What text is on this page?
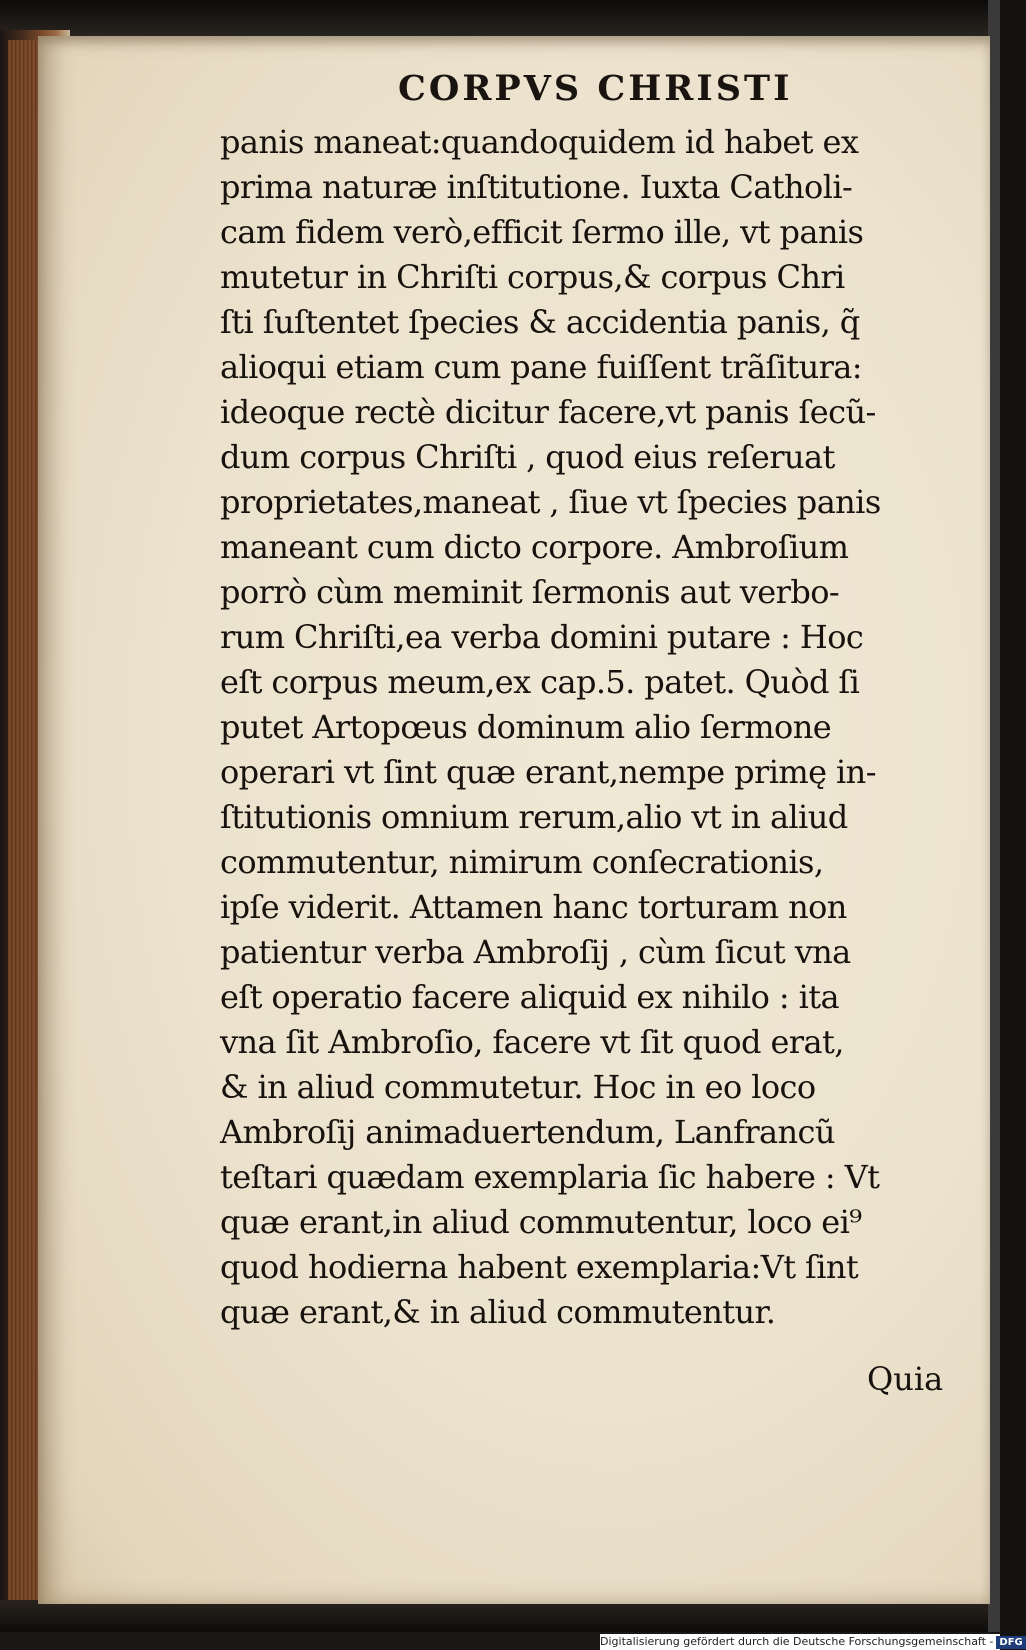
CORPVS CHRISTI
panis maneat:quandoquidem id habet ex
prima naturæ inſtitutione. Iuxta Catholi-
cam fidem verò,efficit ſermo ille, vt panis
mutetur in Chriſti corpus,& corpus Chri
ſti ſuſtentet ſpecies & accidentia panis, q̃
alioqui etiam cum pane fuiſſent trãſitura:
ideoque rectè dicitur facere,vt panis ſecũ-
dum corpus Chriſti , quod eius reſeruat
proprietates,maneat , ſiue vt ſpecies panis
maneant cum dicto corpore. Ambroſium
porrò cùm meminit ſermonis aut verbo-
rum Chriſti,ea verba domini putare : Hoc
eſt corpus meum,ex cap.5. patet. Quòd ſi
putet Artopœus dominum alio ſermone
operari vt ſint quæ erant,nempe primę in-
ſtitutionis omnium rerum,alio vt in aliud
commutentur, nimirum conſecrationis,
ipſe viderit. Attamen hanc torturam non
patientur verba Ambroſij , cùm ſicut vna
eſt operatio facere aliquid ex nihilo : ita
vna ſit Ambroſio, facere vt ſit quod erat,
& in aliud commutetur. Hoc in eo loco
Ambroſij animaduertendum, Lanfrancũ
teſtari quædam exemplaria ſic habere : Vt
quæ erant,in aliud commutentur, loco ei⁹
quod hodierna habent exemplaria:Vt ſint
quæ erant,& in aliud commutentur.
Quia
Digitalisierung gefördert durch die Deutsche Forschungsgemeinschaft - DFG
